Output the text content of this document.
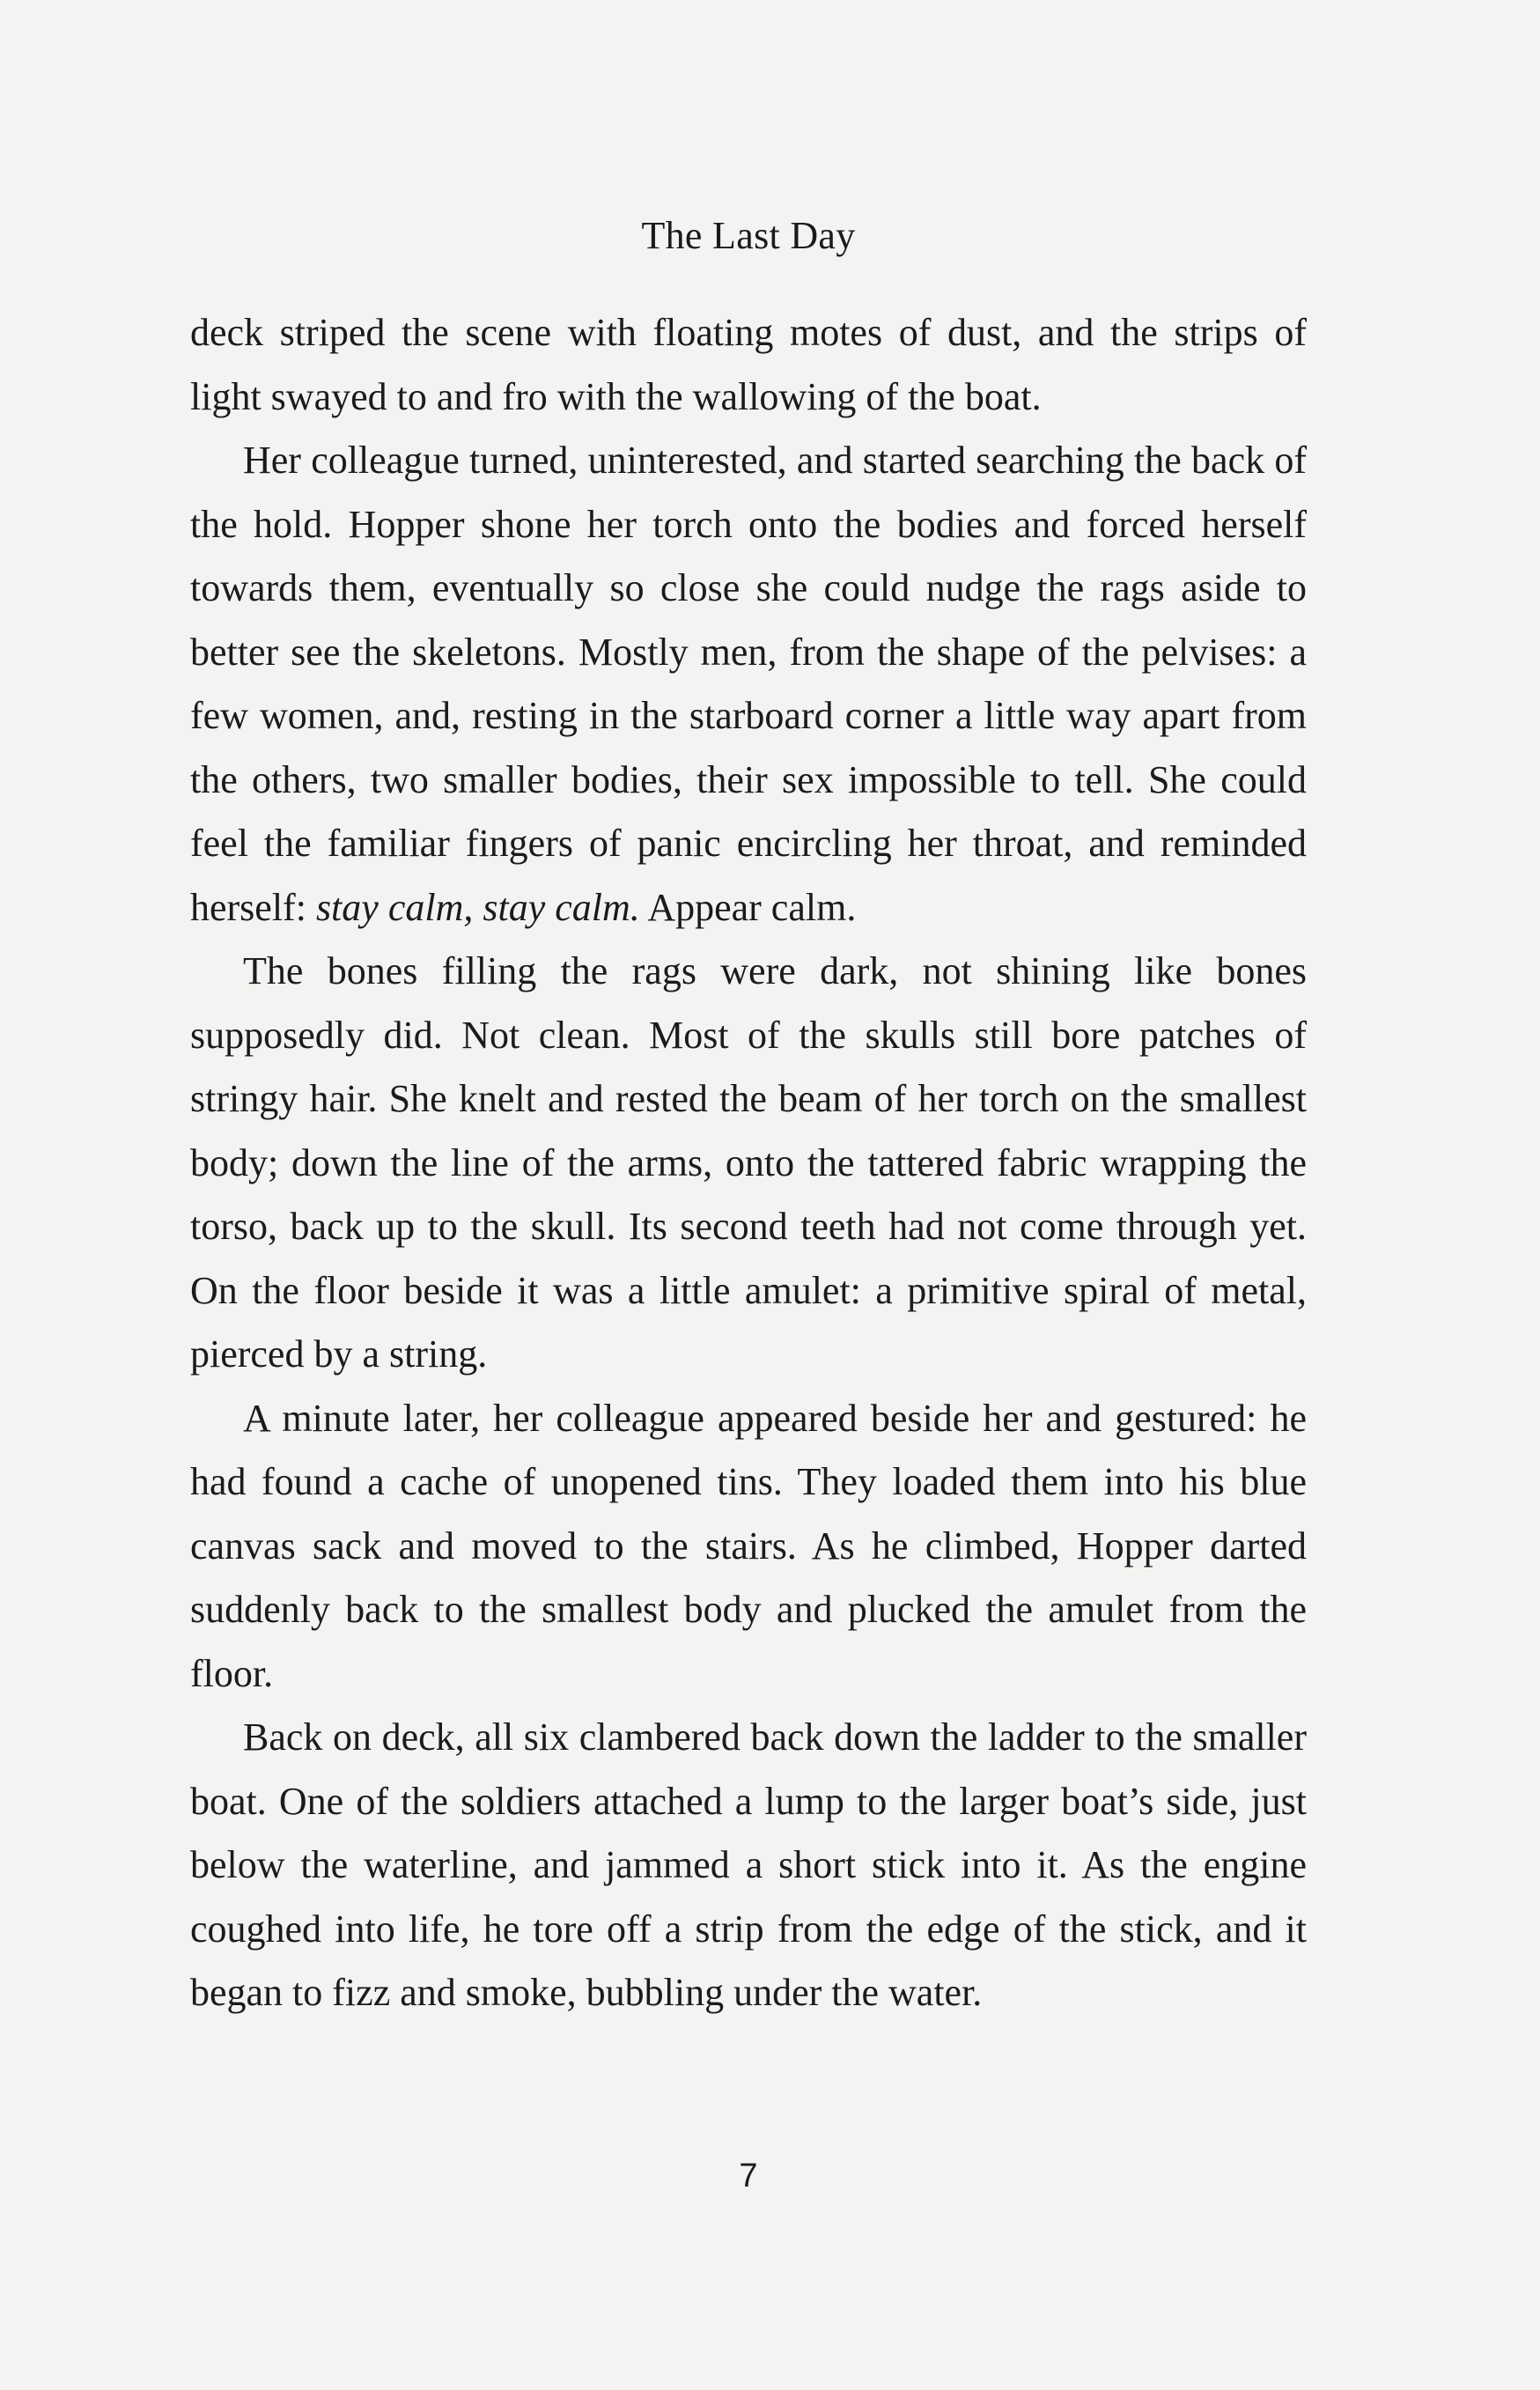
The Last Day

deck striped the scene with floating motes of dust, and the strips of light swayed to and fro with the wallowing of the boat.

Her colleague turned, uninterested, and started searching the back of the hold. Hopper shone her torch onto the bodies and forced herself towards them, eventually so close she could nudge the rags aside to better see the skeletons. Mostly men, from the shape of the pelvises: a few women, and, resting in the starboard corner a little way apart from the others, two smaller bodies, their sex impossible to tell. She could feel the familiar fingers of panic encircling her throat, and reminded herself: stay calm, stay calm. Appear calm.

The bones filling the rags were dark, not shining like bones supposedly did. Not clean. Most of the skulls still bore patches of stringy hair. She knelt and rested the beam of her torch on the smallest body; down the line of the arms, onto the tattered fabric wrapping the torso, back up to the skull. Its second teeth had not come through yet. On the floor beside it was a little amulet: a primitive spiral of metal, pierced by a string.

A minute later, her colleague appeared beside her and gestured: he had found a cache of unopened tins. They loaded them into his blue canvas sack and moved to the stairs. As he climbed, Hopper darted suddenly back to the smallest body and plucked the amulet from the floor.

Back on deck, all six clambered back down the ladder to the smaller boat. One of the soldiers attached a lump to the larger boat’s side, just below the waterline, and jammed a short stick into it. As the engine coughed into life, he tore off a strip from the edge of the stick, and it began to fizz and smoke, bubbling under the water.

7
